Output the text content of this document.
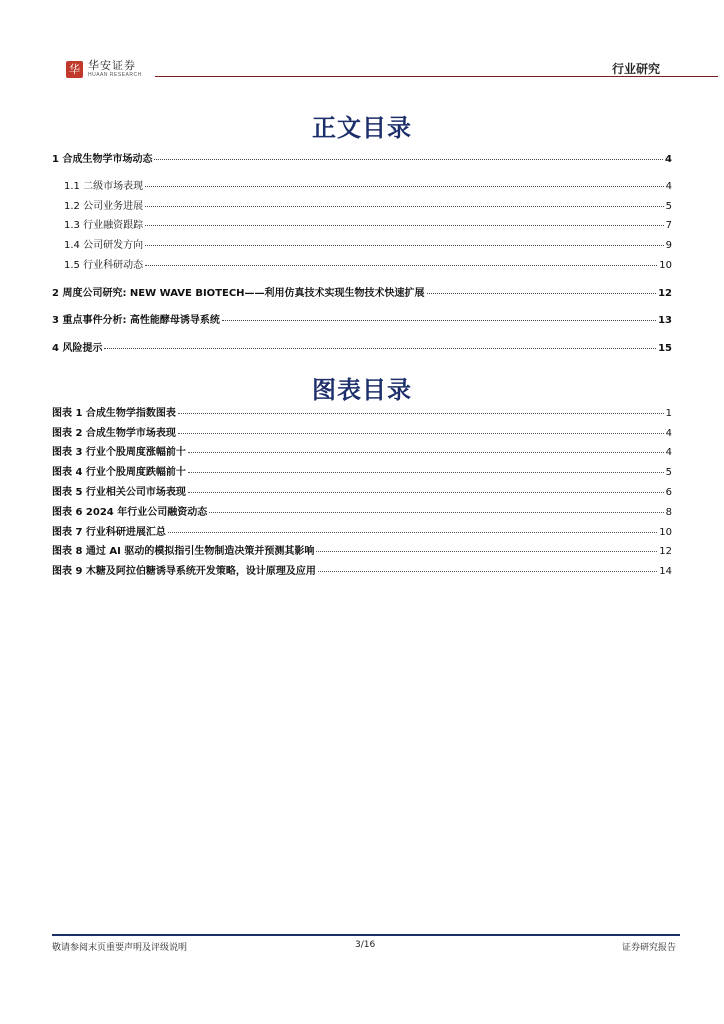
华 华安证券
HUAAN RESEARCH	行业研究
正文目录
1 合成生物学市场动态	4
1.1 二级市场表现	4
1.2 公司业务进展	5
1.3 行业融资跟踪	7
1.4 公司研发方向	9
1.5 行业科研动态	10
2 周度公司研究: NEW WAVE BIOTECH——利用仿真技术实现生物技术快速扩展	12
3 重点事件分析: 高性能酵母诱导系统	13
4 风险提示	15
图表目录
图表 1 合成生物学指数图表	1
图表 2 合成生物学市场表现	4
图表 3 行业个股周度涨幅前十	4
图表 4 行业个股周度跌幅前十	5
图表 5 行业相关公司市场表现	6
图表 6 2024 年行业公司融资动态	8
图表 7 行业科研进展汇总	10
图表 8 通过 AI 驱动的模拟指引生物制造决策并预测其影响	12
图表 9 木糖及阿拉伯糖诱导系统开发策略，设计原理及应用	14
敬请参阅末页重要声明及评级说明	3/16	证券研究报告
